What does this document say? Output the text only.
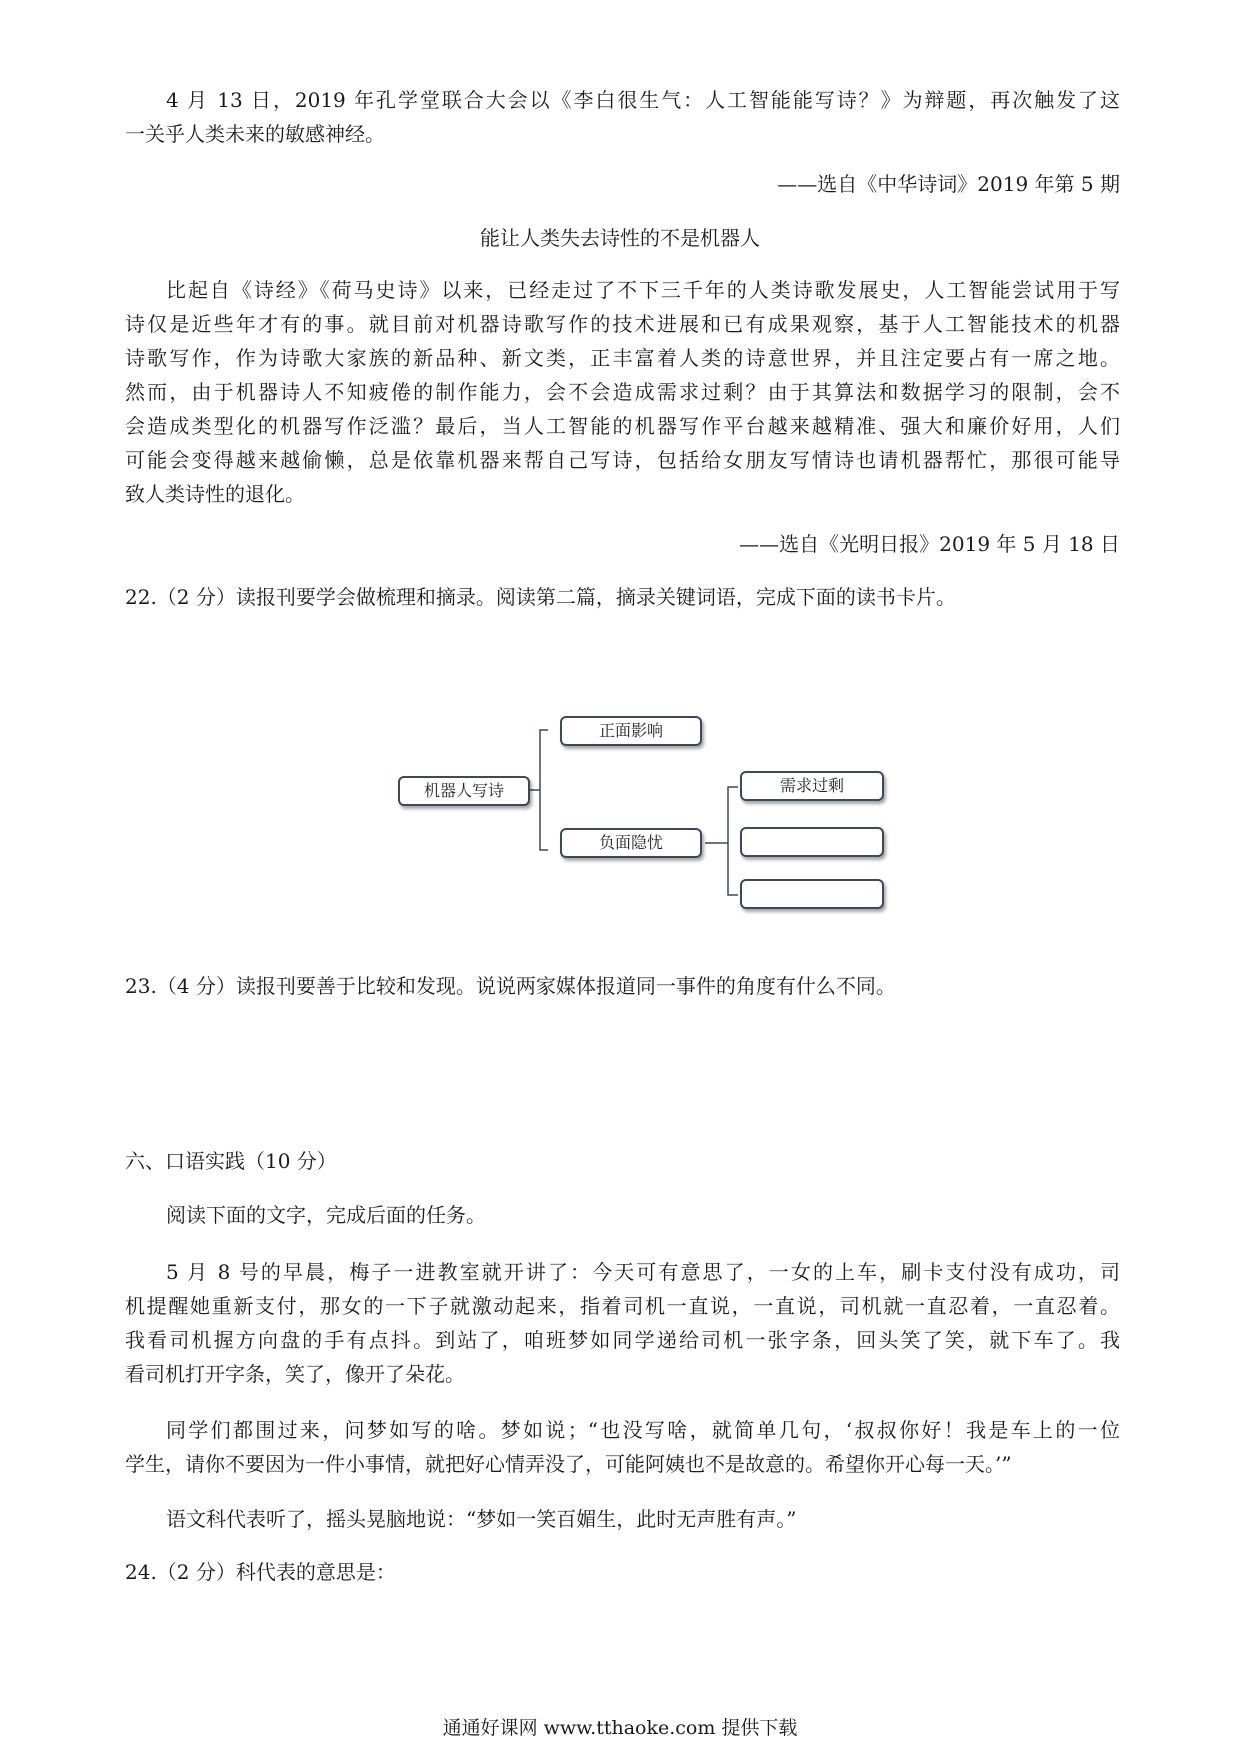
4 月 13 日，2019 年孔学堂联合大会以《李白很生气：人工智能能写诗？》为辩题，再次触发了这
一关乎人类未来的敏感神经。
——选自《中华诗词》2019 年第 5 期
能让人类失去诗性的不是机器人
比起自《诗经》《荷马史诗》以来，已经走过了不下三千年的人类诗歌发展史，人工智能尝试用于写
诗仅是近些年才有的事。就目前对机器诗歌写作的技术进展和已有成果观察，基于人工智能技术的机器
诗歌写作，作为诗歌大家族的新品种、新文类，正丰富着人类的诗意世界，并且注定要占有一席之地。
然而，由于机器诗人不知疲倦的制作能力，会不会造成需求过剩？由于其算法和数据学习的限制，会不
会造成类型化的机器写作泛滥？最后，当人工智能的机器写作平台越来越精准、强大和廉价好用，人们
可能会变得越来越偷懒，总是依靠机器来帮自己写诗，包括给女朋友写情诗也请机器帮忙，那很可能导
致人类诗性的退化。
——选自《光明日报》2019 年 5 月 18 日
22.（2 分）读报刊要学会做梳理和摘录。阅读第二篇，摘录关键词语，完成下面的读书卡片。
机器人写诗
正面影响
负面隐忧
需求过剩
23.（4 分）读报刊要善于比较和发现。说说两家媒体报道同一事件的角度有什么不同。
六、口语实践（10 分）
阅读下面的文字，完成后面的任务。
5 月 8 号的早晨，梅子一进教室就开讲了：今天可有意思了，一女的上车，刷卡支付没有成功，司
机提醒她重新支付，那女的一下子就激动起来，指着司机一直说，一直说，司机就一直忍着，一直忍着。
我看司机握方向盘的手有点抖。到站了，咱班梦如同学递给司机一张字条，回头笑了笑，就下车了。我
看司机打开字条，笑了，像开了朵花。
同学们都围过来，问梦如写的啥。梦如说；“也没写啥，就简单几句，‘叔叔你好！我是车上的一位
学生，请你不要因为一件小事情，就把好心情弄没了，可能阿姨也不是故意的。希望你开心每一天。’”
语文科代表听了，摇头晃脑地说：“梦如一笑百媚生，此时无声胜有声。”
24.（2 分）科代表的意思是：
通通好课网 www.tthaoke.com 提供下载
